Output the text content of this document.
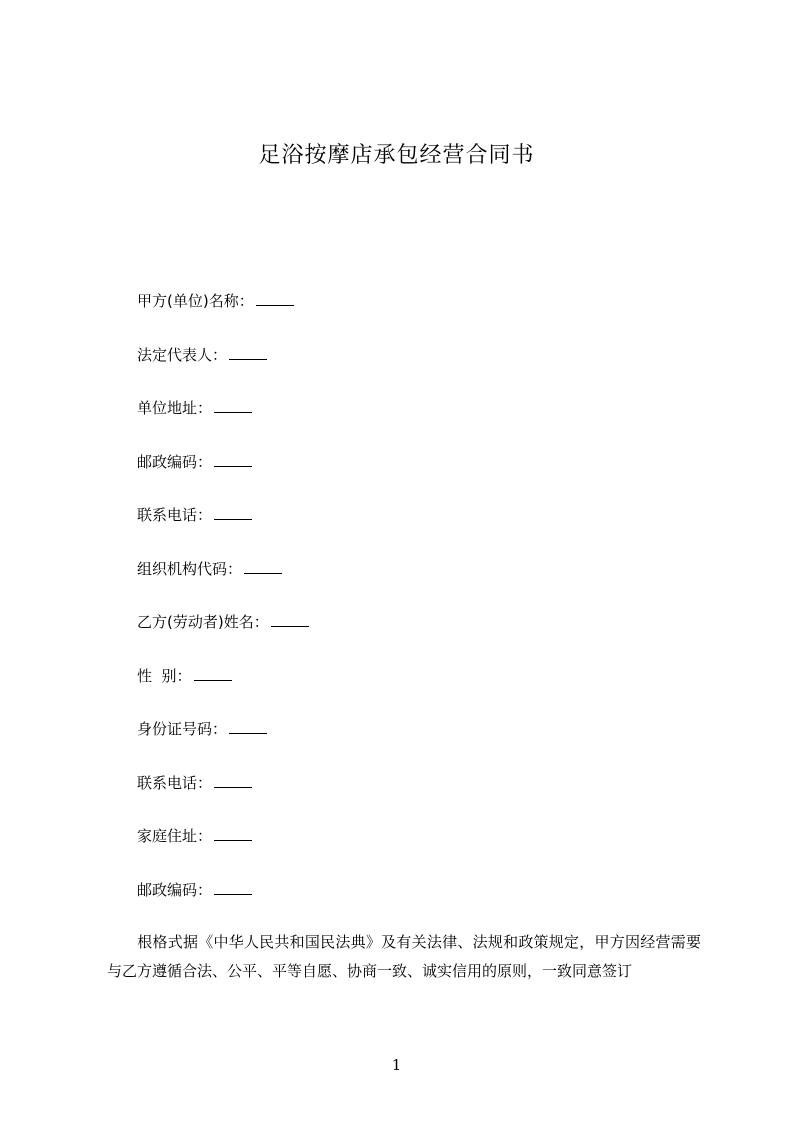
足浴按摩店承包经营合同书
甲方(单位)名称：
法定代表人：
单位地址：
邮政编码：
联系电话：
组织机构代码：
乙方(劳动者)姓名：
性  别：
身份证号码：
联系电话：
家庭住址：
邮政编码：
根格式据《中华人民共和国民法典》及有关法律、法规和政策规定，甲方因经营需要与乙方遵循合法、公平、平等自愿、协商一致、诚实信用的原则，一致同意签订
1
